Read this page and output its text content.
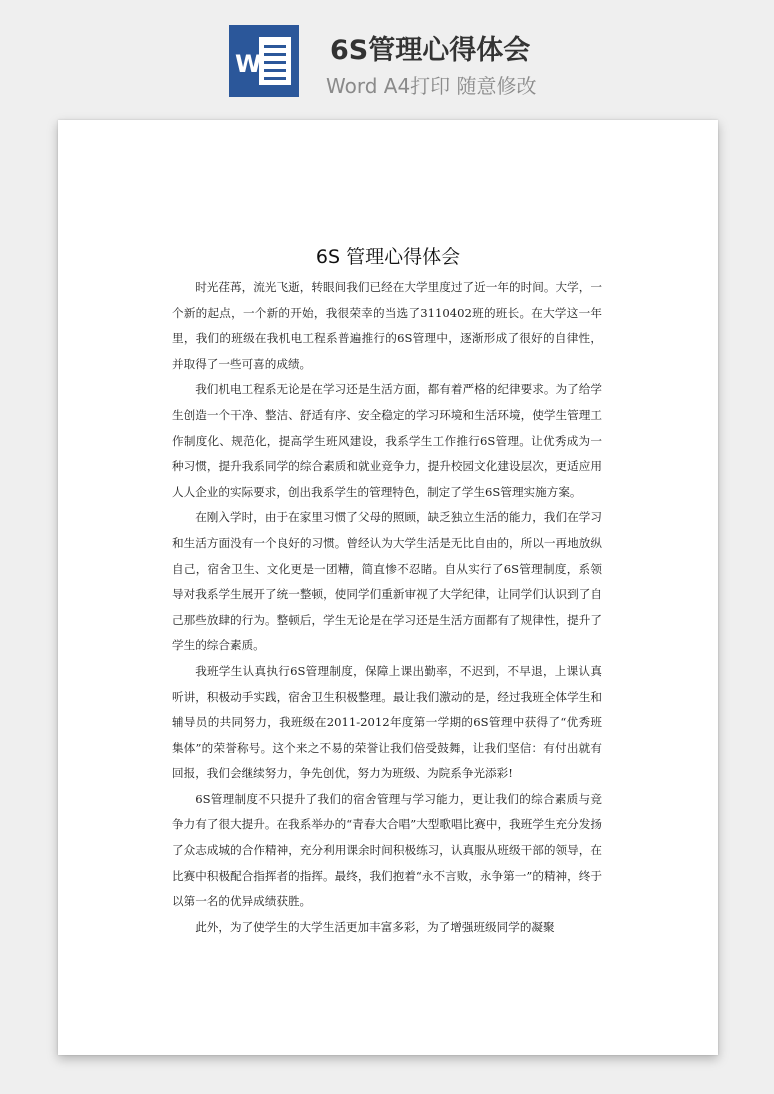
W	6S管理心得体会
Word A4打印 随意修改
6S 管理心得体会

时光荏苒，流光飞逝，转眼间我们已经在大学里度过了近一年的时间。大学，一个新的起点，一个新的开始，我很荣幸的当选了3110402班的班长。在大学这一年里，我们的班级在我机电工程系普遍推行的6S管理中，逐渐形成了很好的自律性，并取得了一些可喜的成绩。

我们机电工程系无论是在学习还是生活方面，都有着严格的纪律要求。为了给学生创造一个干净、整洁、舒适有序、安全稳定的学习环境和生活环境，使学生管理工作制度化、规范化，提高学生班风建设，我系学生工作推行6S管理。让优秀成为一种习惯，提升我系同学的综合素质和就业竞争力，提升校园文化建设层次，更适应用人人企业的实际要求，创出我系学生的管理特色，制定了学生6S管理实施方案。

在刚入学时，由于在家里习惯了父母的照顾，缺乏独立生活的能力，我们在学习和生活方面没有一个良好的习惯。曾经认为大学生活是无比自由的，所以一再地放纵自己，宿舍卫生、文化更是一团糟，简直惨不忍睹。自从实行了6S管理制度，系领导对我系学生展开了统一整顿，使同学们重新审视了大学纪律，让同学们认识到了自己那些放肆的行为。整顿后，学生无论是在学习还是生活方面都有了规律性，提升了学生的综合素质。

我班学生认真执行6S管理制度，保障上课出勤率，不迟到，不早退，上课认真听讲，积极动手实践，宿舍卫生积极整理。最让我们激动的是，经过我班全体学生和辅导员的共同努力，我班级在2011-2012年度第一学期的6S管理中获得了“优秀班集体”的荣誉称号。这个来之不易的荣誉让我们倍受鼓舞，让我们坚信：有付出就有回报，我们会继续努力，争先创优，努力为班级、为院系争光添彩!

6S管理制度不只提升了我们的宿舍管理与学习能力，更让我们的综合素质与竞争力有了很大提升。在我系举办的“青春大合唱”大型歌唱比赛中，我班学生充分发扬了众志成城的合作精神，充分利用课余时间积极练习，认真服从班级干部的领导，在比赛中积极配合指挥者的指挥。最终，我们抱着“永不言败，永争第一”的精神，终于以第一名的优异成绩获胜。

此外，为了使学生的大学生活更加丰富多彩，为了增强班级同学的凝聚
